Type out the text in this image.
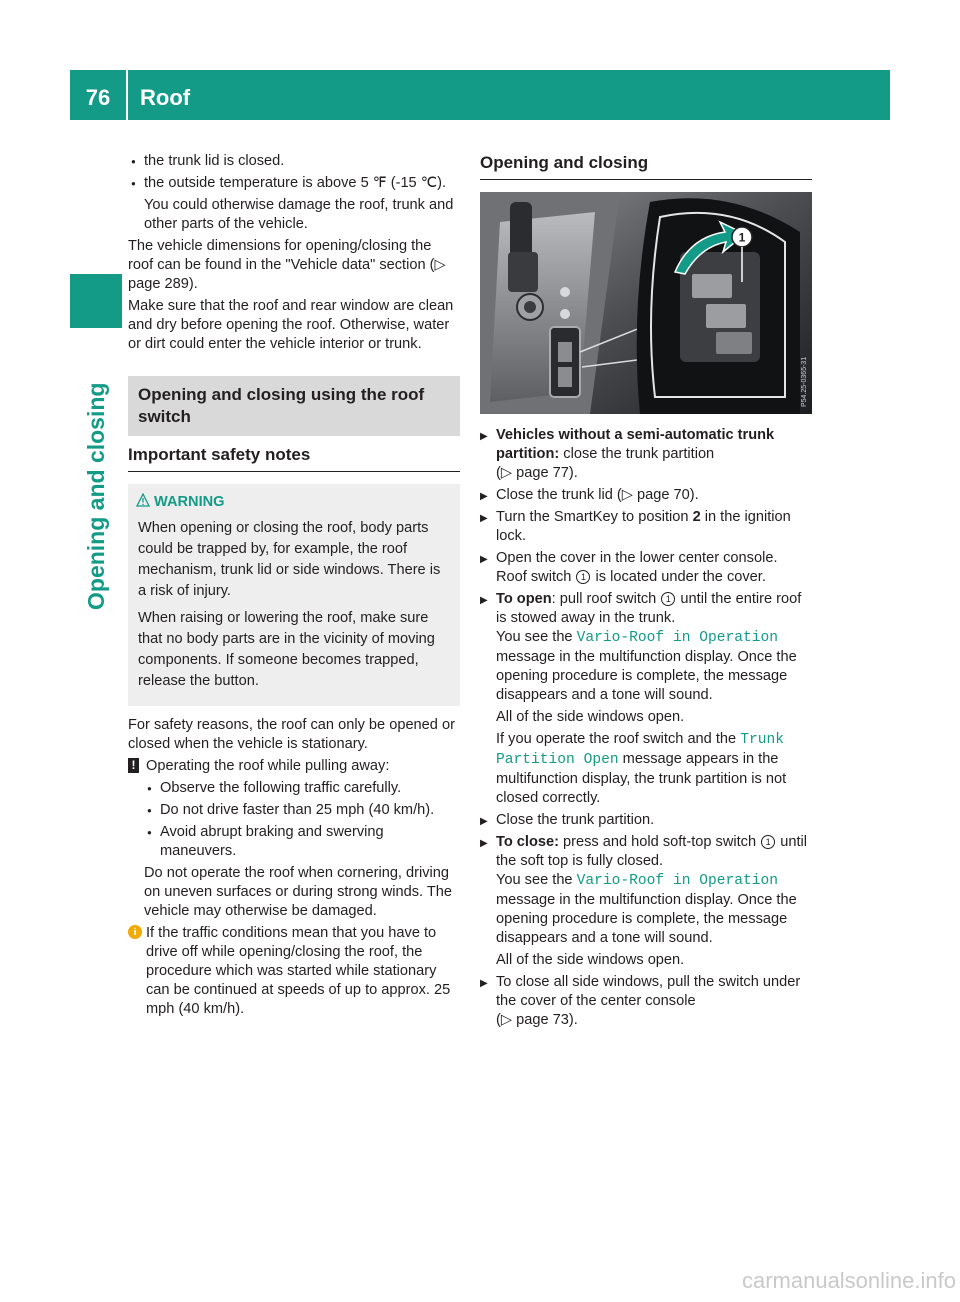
76	Roof
Opening and closing
● the trunk lid is closed.
● the outside temperature is above 5 ℉ (-15 ℃).

You could otherwise damage the roof, trunk and other parts of the vehicle.

The vehicle dimensions for opening/closing the roof can be found in the "Vehicle data" section (▷ page 289).

Make sure that the roof and rear window are clean and dry before opening the roof. Otherwise, water or dirt could enter the vehicle interior or trunk.

Opening and closing using the roof switch
Important safety notes
WARNING

When opening or closing the roof, body parts could be trapped by, for example, the roof mechanism, trunk lid or side windows. There is a risk of injury.

When raising or lowering the roof, make sure that no body parts are in the vicinity of moving components. If someone becomes trapped, release the button.

For safety reasons, the roof can only be opened or closed when the vehicle is stationary.

! Operating the roof while pulling away:
● Observe the following traffic carefully.
● Do not drive faster than 25 mph (40 km/h).
● Avoid abrupt braking and swerving maneuvers.

Do not operate the roof when cornering, driving on uneven surfaces or during strong winds. The vehicle may otherwise be damaged.

i If the traffic conditions mean that you have to drive off while opening/closing the roof, the procedure which was started while stationary can be continued at speeds of up to approx. 25 mph (40 km/h).
Opening and closing
1
P54.25-0365-31
▶ Vehicles without a semi-automatic trunk partition: close the trunk partition
(▷ page 77).
▶ Close the trunk lid (▷ page 70).
▶ Turn the SmartKey to position 2 in the ignition lock.
▶ Open the cover in the lower center console. Roof switch 1 is located under the cover.
▶ To open: pull roof switch 1 until the entire roof is stowed away in the trunk.
You see the Vario-Roof in Operation
message in the multifunction display. Once the opening procedure is complete, the message disappears and a tone will sound.

All of the side windows open.

If you operate the roof switch and the Trunk Partition Open message appears in the multifunction display, the trunk partition is not closed correctly.

▶ Close the trunk partition.
▶ To close: press and hold soft-top switch 1 until the soft top is fully closed.
You see the Vario-Roof in Operation
message in the multifunction display. Once the opening procedure is complete, the message disappears and a tone will sound.

All of the side windows open.

▶ To close all side windows, pull the switch under the cover of the center console
(▷ page 73).
carmanualsonline.info
